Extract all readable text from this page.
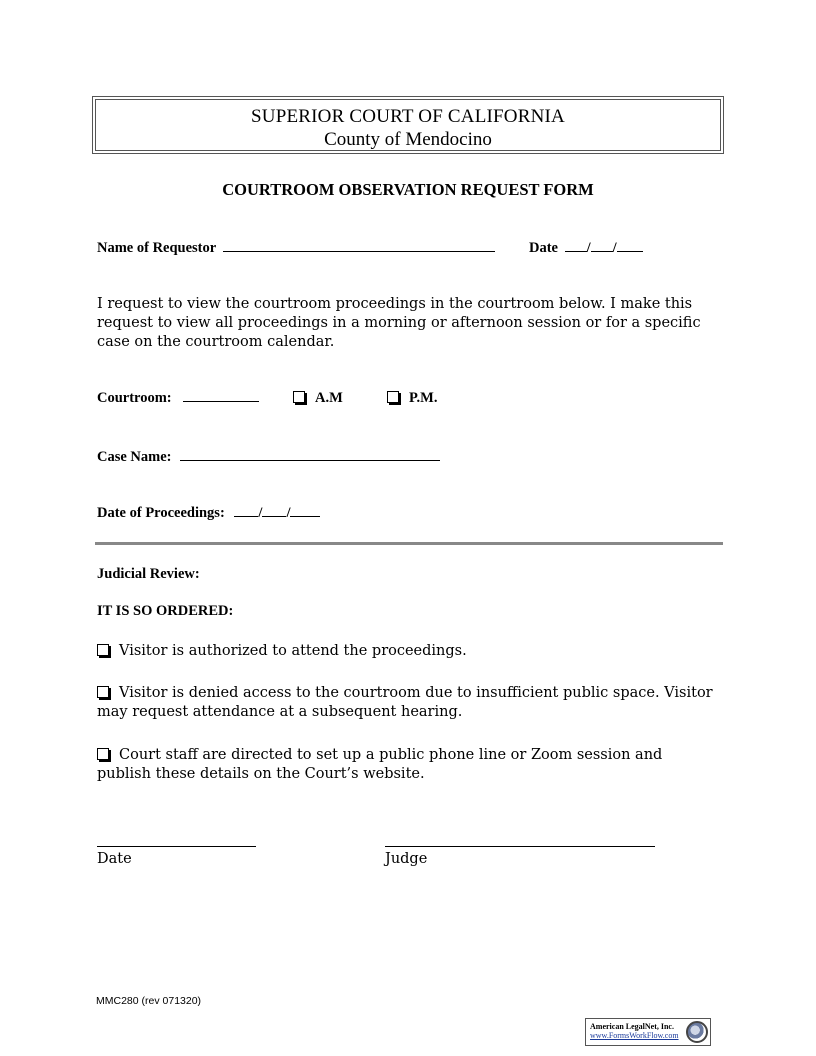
SUPERIOR COURT OF CALIFORNIA
County of Mendocino
COURTROOM OBSERVATION REQUEST FORM
Name of Requestor	Date / /
I request to view the courtroom proceedings in the courtroom below. I make this request to view all proceedings in a morning or afternoon session or for a specific case on the courtroom calendar.
Courtroom:	A.M	P.M.
Case Name:
Date of Proceedings: / /
Judicial Review:
IT IS SO ORDERED:
Visitor is authorized to attend the proceedings.
Visitor is denied access to the courtroom due to insufficient public space. Visitor may request attendance at a subsequent hearing.
Court staff are directed to set up a public phone line or Zoom session and publish these details on the Court’s website.
Date	Judge
MMC280 (rev 071320)
American LegalNet, Inc.
www.FormsWorkFlow.com
